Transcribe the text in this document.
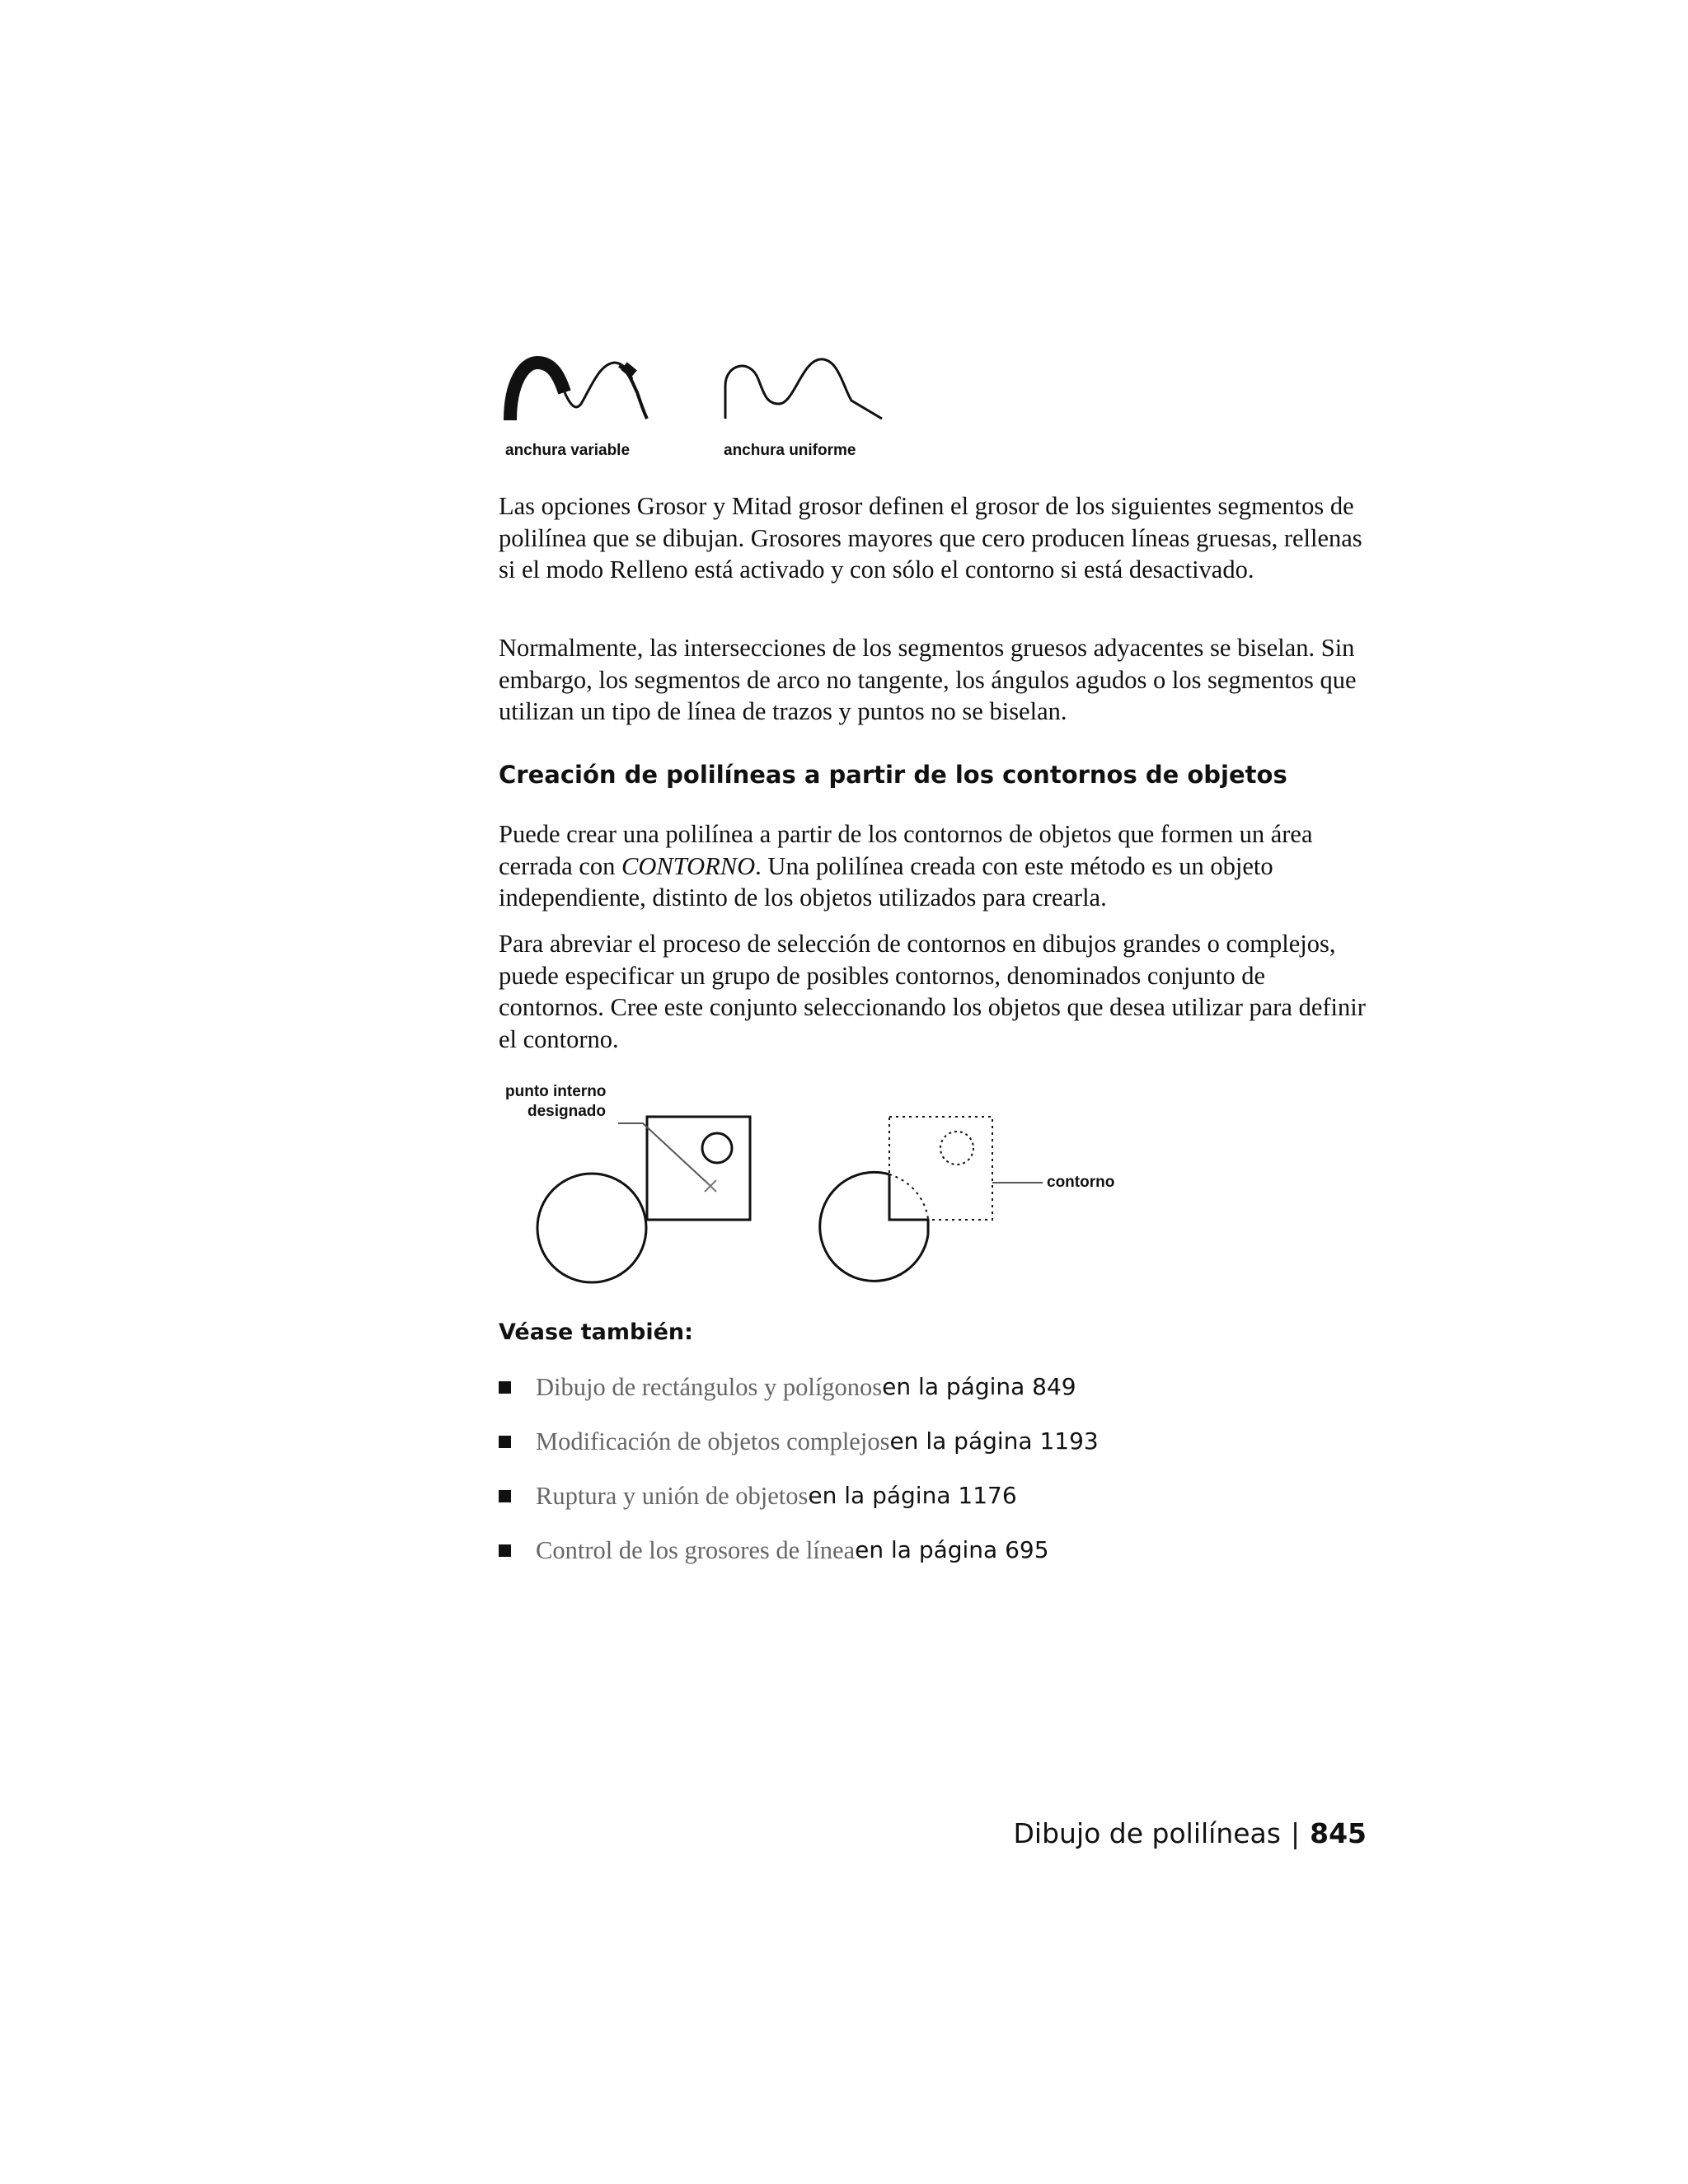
anchura variable	anchura uniforme

Las opciones Grosor y Mitad grosor definen el grosor de los siguientes segmentos de polilínea que se dibujan. Grosores mayores que cero producen líneas gruesas, rellenas si el modo Relleno está activado y con sólo el contorno si está desactivado.

Normalmente, las intersecciones de los segmentos gruesos adyacentes se biselan. Sin embargo, los segmentos de arco no tangente, los ángulos agudos o los segmentos que utilizan un tipo de línea de trazos y puntos no se biselan.

Creación de polilíneas a partir de los contornos de objetos

Puede crear una polilínea a partir de los contornos de objetos que formen un área cerrada con CONTORNO. Una polilínea creada con este método es un objeto independiente, distinto de los objetos utilizados para crearla.

Para abreviar el proceso de selección de contornos en dibujos grandes o complejos, puede especificar un grupo de posibles contornos, denominados conjunto de contornos. Cree este conjunto seleccionando los objetos que desea utilizar para definir el contorno.

punto interno
designado
contorno
Véase también:
Dibujo de rectángulos y polígonos en la página 849
Modificación de objetos complejos en la página 1193
Ruptura y unión de objetos en la página 1176
Control de los grosores de línea en la página 695
Dibujo de polilíneas | 845
